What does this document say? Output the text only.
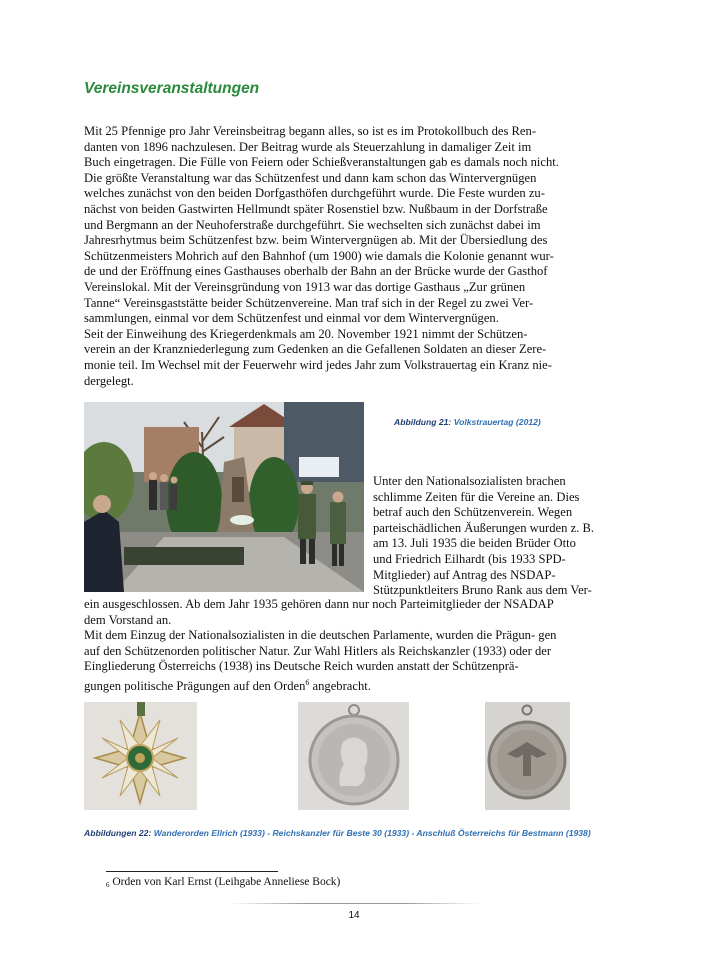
Vereinsveranstaltungen
Mit 25 Pfennige pro Jahr Vereinsbeitrag begann alles, so ist es im Protokollbuch des Ren-
danten von 1896 nachzulesen. Der Beitrag wurde als Steuerzahlung in damaliger Zeit im
Buch eingetragen. Die Fülle von Feiern oder Schießveranstaltungen gab es damals noch nicht.
Die größte Veranstaltung war das Schützenfest und dann kam schon das Wintervergnügen
welches zunächst von den beiden Dorfgasthöfen durchgeführt wurde. Die Feste wurden zu-
nächst von beiden Gastwirten Hellmundt später Rosenstiel bzw. Nußbaum in der Dorfstraße
und Bergmann an der Neuhoferstraße durchgeführt. Sie wechselten sich zunächst dabei im
Jahresrhytmus beim Schützenfest bzw. beim Wintervergnügen ab. Mit der Übersiedlung des
Schützenmeisters Mohrich auf den Bahnhof (um 1900) wie damals die Kolonie genannt wur-
de und der Eröffnung eines Gasthauses oberhalb der Bahn an der Brücke wurde der Gasthof
Vereinslokal. Mit der Vereinsgründung von 1913 war das dortige Gasthaus „Zur grünen
Tanne“ Vereinsgaststätte beider Schützenvereine. Man traf sich in der Regel zu zwei Ver-
sammlungen, einmal vor dem Schützenfest und einmal vor dem Wintervergnügen.
Seit der Einweihung des Kriegerdenkmals am 20. November 1921 nimmt der Schützen-
verein an der Kranzniederlegung zum Gedenken an die Gefallenen Soldaten an dieser Zere-
monie teil. Im Wechsel mit der Feuerwehr wird jedes Jahr zum Volkstrauertag ein Kranz nie-
dergelegt.
Abbildung 21: Volkstrauertag (2012)
Unter den Nationalsozialisten brachen
schlimme Zeiten für die Vereine an. Dies
betraf auch den Schützenverein. Wegen
parteischädlichen Äußerungen wurden z. B.
am 13. Juli 1935 die beiden Brüder Otto
und Friedrich Eilhardt (bis 1933 SPD-
Mitglieder) auf Antrag des NSDAP-
Stützpunktleiters Bruno Rank aus dem Ver-
ein ausgeschlossen. Ab dem Jahr 1935 gehören dann nur noch Parteimitglieder der NSADAP
dem Vorstand an.
Mit dem Einzug der Nationalsozialisten in die deutschen Parlamente, wurden die Prägun- gen
auf den Schützenorden politischer Natur. Zur Wahl Hitlers als Reichskanzler (1933) oder der
Eingliederung Österreichs (1938) ins Deutsche Reich wurden anstatt der Schützenprä-
gungen politische Prägungen auf den Orden$^6$ angebracht.
Abbildungen 22: Wanderorden Ellrich (1933) - Reichskanzler für Beste 30 (1933) - Anschluß Österreichs für Bestmann (1938)
$^6$ Orden von Karl Ernst (Leihgabe Anneliese Bock)
14
